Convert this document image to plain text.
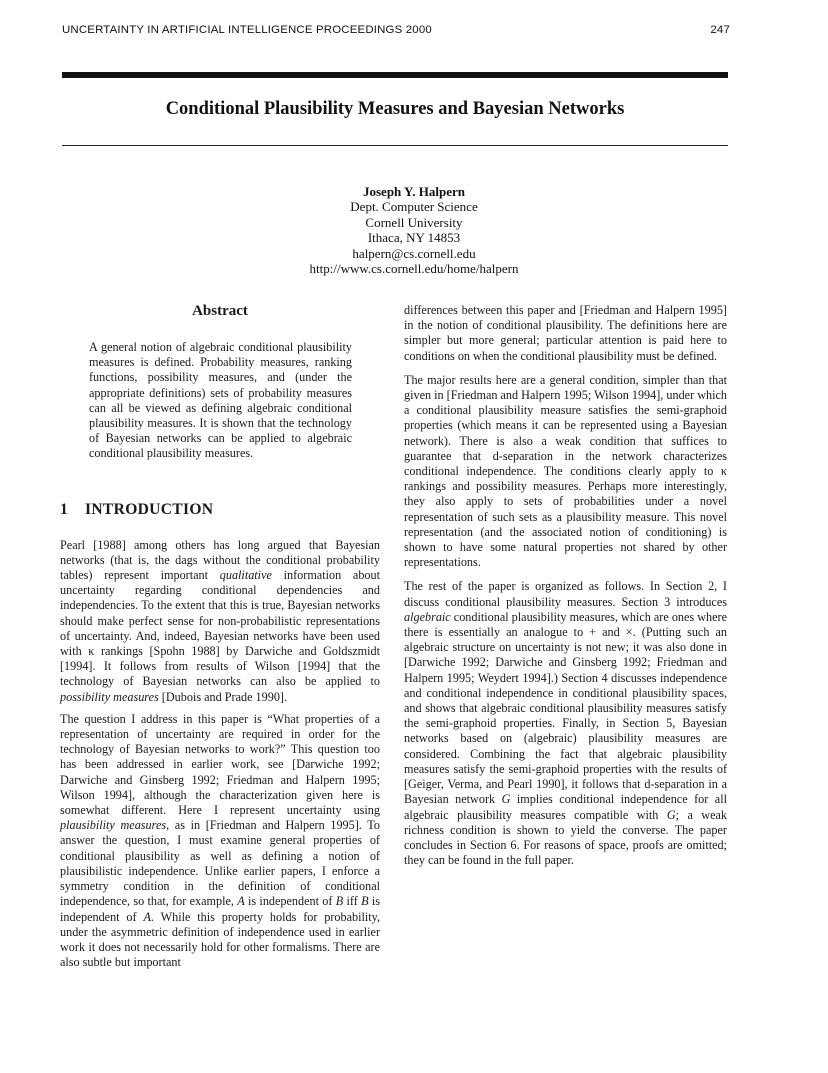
UNCERTAINTY IN ARTIFICIAL INTELLIGENCE PROCEEDINGS 2000	247
Conditional Plausibility Measures and Bayesian Networks
Joseph Y. Halpern
Dept. Computer Science
Cornell University
Ithaca, NY 14853
halpern@cs.cornell.edu
http://www.cs.cornell.edu/home/halpern
Abstract

A general notion of algebraic conditional plausibility measures is defined. Probability measures, ranking functions, possibility measures, and (under the appropriate definitions) sets of probability measures can all be viewed as defining algebraic conditional plausibility measures. It is shown that the technology of Bayesian networks can be applied to algebraic conditional plausibility measures.

1 INTRODUCTION

Pearl [1988] among others has long argued that Bayesian networks (that is, the dags without the conditional probability tables) represent important qualitative information about uncertainty regarding conditional dependencies and independencies. To the extent that this is true, Bayesian networks should make perfect sense for non-probabilistic representations of uncertainty. And, indeed, Bayesian networks have been used with κ rankings [Spohn 1988] by Darwiche and Goldszmidt [1994]. It follows from results of Wilson [1994] that the technology of Bayesian networks can also be applied to possibility measures [Dubois and Prade 1990].

The question I address in this paper is “What properties of a representation of uncertainty are required in order for the technology of Bayesian networks to work?” This question too has been addressed in earlier work, see [Darwiche 1992; Darwiche and Ginsberg 1992; Friedman and Halpern 1995; Wilson 1994], although the characterization given here is somewhat different. Here I represent uncertainty using plausibility measures, as in [Friedman and Halpern 1995]. To answer the question, I must examine general properties of conditional plausibility as well as defining a notion of plausibilistic independence. Unlike earlier papers, I enforce a symmetry condition in the definition of conditional independence, so that, for example, A is independent of B iff B is independent of A. While this property holds for probability, under the asymmetric definition of independence used in earlier work it does not necessarily hold for other formalisms. There are also subtle but important

differences between this paper and [Friedman and Halpern 1995] in the notion of conditional plausibility. The definitions here are simpler but more general; particular attention is paid here to conditions on when the conditional plausibility must be defined.

The major results here are a general condition, simpler than that given in [Friedman and Halpern 1995; Wilson 1994], under which a conditional plausibility measure satisfies the semi-graphoid properties (which means it can be represented using a Bayesian network). There is also a weak condition that suffices to guarantee that d-separation in the network characterizes conditional independence. The conditions clearly apply to κ rankings and possibility measures. Perhaps more interestingly, they also apply to sets of probabilities under a novel representation of such sets as a plausibility measure. This novel representation (and the associated notion of conditioning) is shown to have some natural properties not shared by other representations.

The rest of the paper is organized as follows. In Section 2, I discuss conditional plausibility measures. Section 3 introduces algebraic conditional plausibility measures, which are ones where there is essentially an analogue to + and ×. (Putting such an algebraic structure on uncertainty is not new; it was also done in [Darwiche 1992; Darwiche and Ginsberg 1992; Friedman and Halpern 1995; Weydert 1994].) Section 4 discusses independence and conditional independence in conditional plausibility spaces, and shows that algebraic conditional plausibility measures satisfy the semi-graphoid properties. Finally, in Section 5, Bayesian networks based on (algebraic) plausibility measures are considered. Combining the fact that algebraic plausibility measures satisfy the semi-graphoid properties with the results of [Geiger, Verma, and Pearl 1990], it follows that d-separation in a Bayesian network G implies conditional independence for all algebraic plausibility measures compatible with G; a weak richness condition is shown to yield the converse. The paper concludes in Section 6. For reasons of space, proofs are omitted; they can be found in the full paper.
